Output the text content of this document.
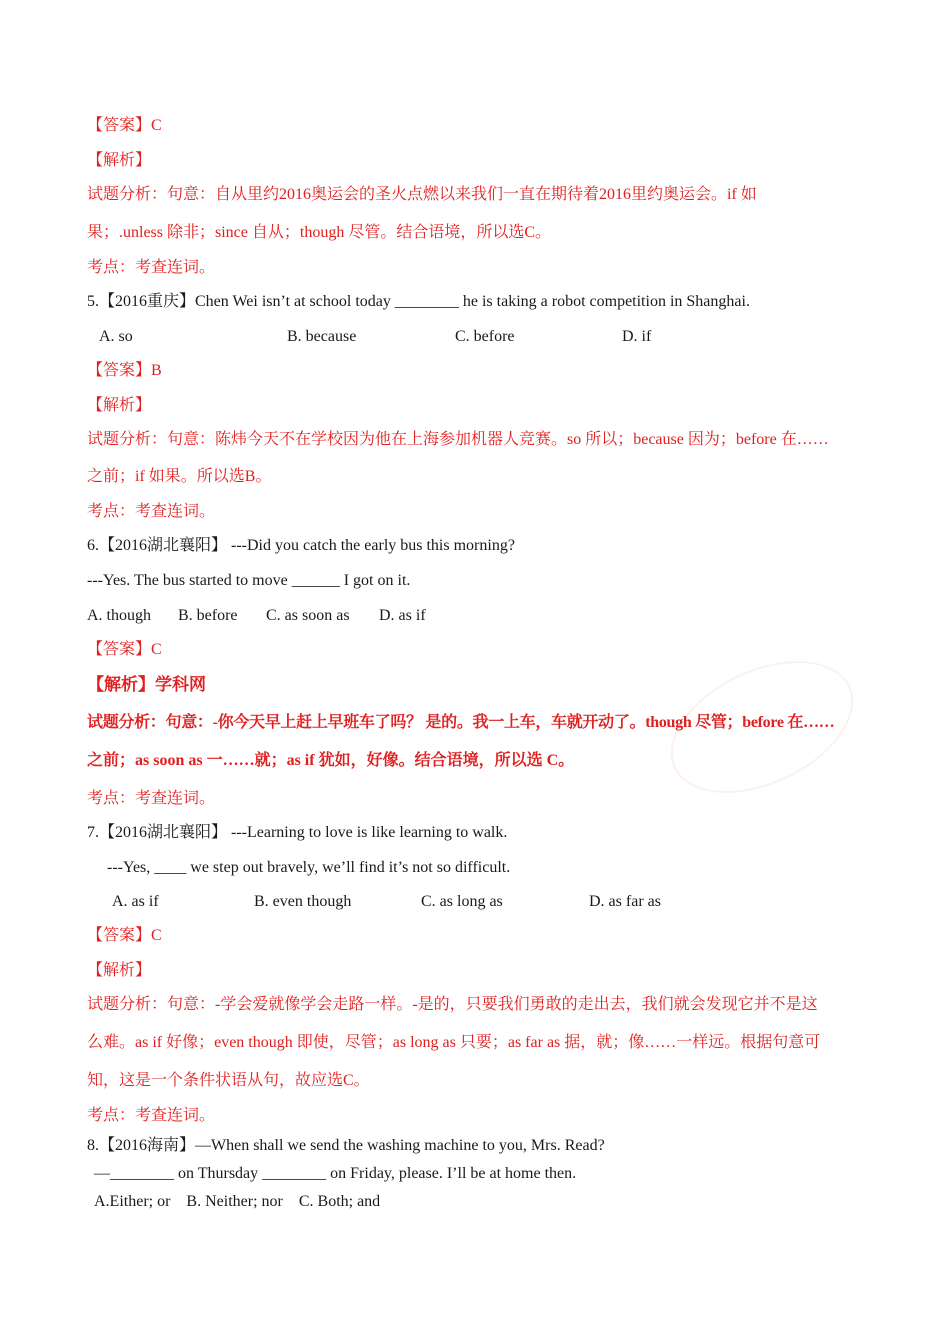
【答案】C
【解析】
试题分析：句意：自从里约2016奥运会的圣火点燃以来我们一直在期待着2016里约奥运会。if 如
果；.unless 除非；since 自从；though 尽管。结合语境，所以选C。
考点：考查连词。
5.【2016重庆】Chen Wei isn’t at school today ________ he is taking a robot competition in Shanghai.
A. so	B. because	C. before	D. if
【答案】B
【解析】
试题分析：句意：陈炜今天不在学校因为他在上海参加机器人竞赛。so 所以；because 因为；before 在……
之前；if 如果。所以选B。
考点：考查连词。
6.【2016湖北襄阳】 ---Did you catch the early bus this morning?
---Yes. The bus started to move ______ I got on it.
A. though B. before C. as soon as D. as if
【答案】C
【解析】学科网
试题分析：句意：-你今天早上赶上早班车了吗？ 是的。我一上车，车就开动了。though 尽管；before 在……
之前；as soon as 一……就；as if 犹如，好像。结合语境，所以选 C。
考点：考查连词。
7.【2016湖北襄阳】 ---Learning to love is like learning to walk.
---Yes, ____ we step out bravely, we’ll find it’s not so difficult.
A. as if	B. even though	C. as long as	D. as far as
【答案】C
【解析】
试题分析：句意：-学会爱就像学会走路一样。-是的，只要我们勇敢的走出去，我们就会发现它并不是这
么难。as if 好像；even though 即使，尽管；as long as 只要；as far as 据，就；像……一样远。根据句意可
知，这是一个条件状语从句，故应选C。
考点：考查连词。
8.【2016海南】—When shall we send the washing machine to you, Mrs. Read?
—________ on Thursday ________ on Friday, please. I’ll be at home then.
A.Either; or    B. Neither; nor    C. Both; and
